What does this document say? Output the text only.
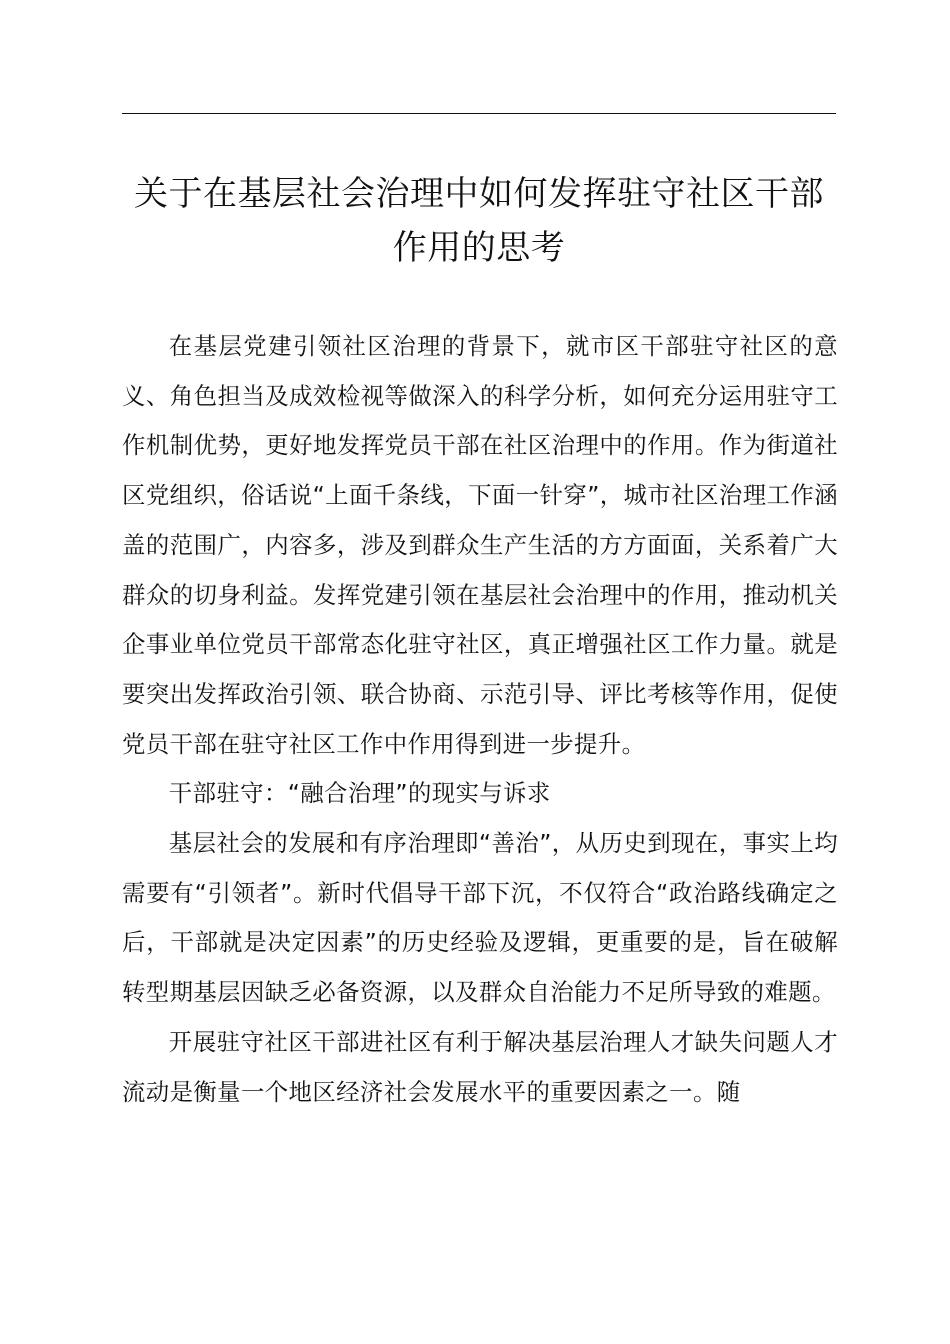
关于在基层社会治理中如何发挥驻守社区干部
作用的思考

在基层党建引领社区治理的背景下，就市区干部驻守社区的意义、角色担当及成效检视等做深入的科学分析，如何充分运用驻守工作机制优势，更好地发挥党员干部在社区治理中的作用。作为街道社区党组织，俗话说“上面千条线，下面一针穿”，城市社区治理工作涵盖的范围广，内容多，涉及到群众生产生活的方方面面，关系着广大群众的切身利益。发挥党建引领在基层社会治理中的作用，推动机关企事业单位党员干部常态化驻守社区，真正增强社区工作力量。就是要突出发挥政治引领、联合协商、示范引导、评比考核等作用，促使党员干部在驻守社区工作中作用得到进一步提升。

干部驻守：“融合治理”的现实与诉求

基层社会的发展和有序治理即“善治”，从历史到现在，事实上均需要有“引领者”。新时代倡导干部下沉，不仅符合“政治路线确定之后，干部就是决定因素”的历史经验及逻辑，更重要的是，旨在破解转型期基层因缺乏必备资源，以及群众自治能力不足所导致的难题。

开展驻守社区干部进社区有利于解决基层治理人才缺失问题人才流动是衡量一个地区经济社会发展水平的重要因素之一。随
